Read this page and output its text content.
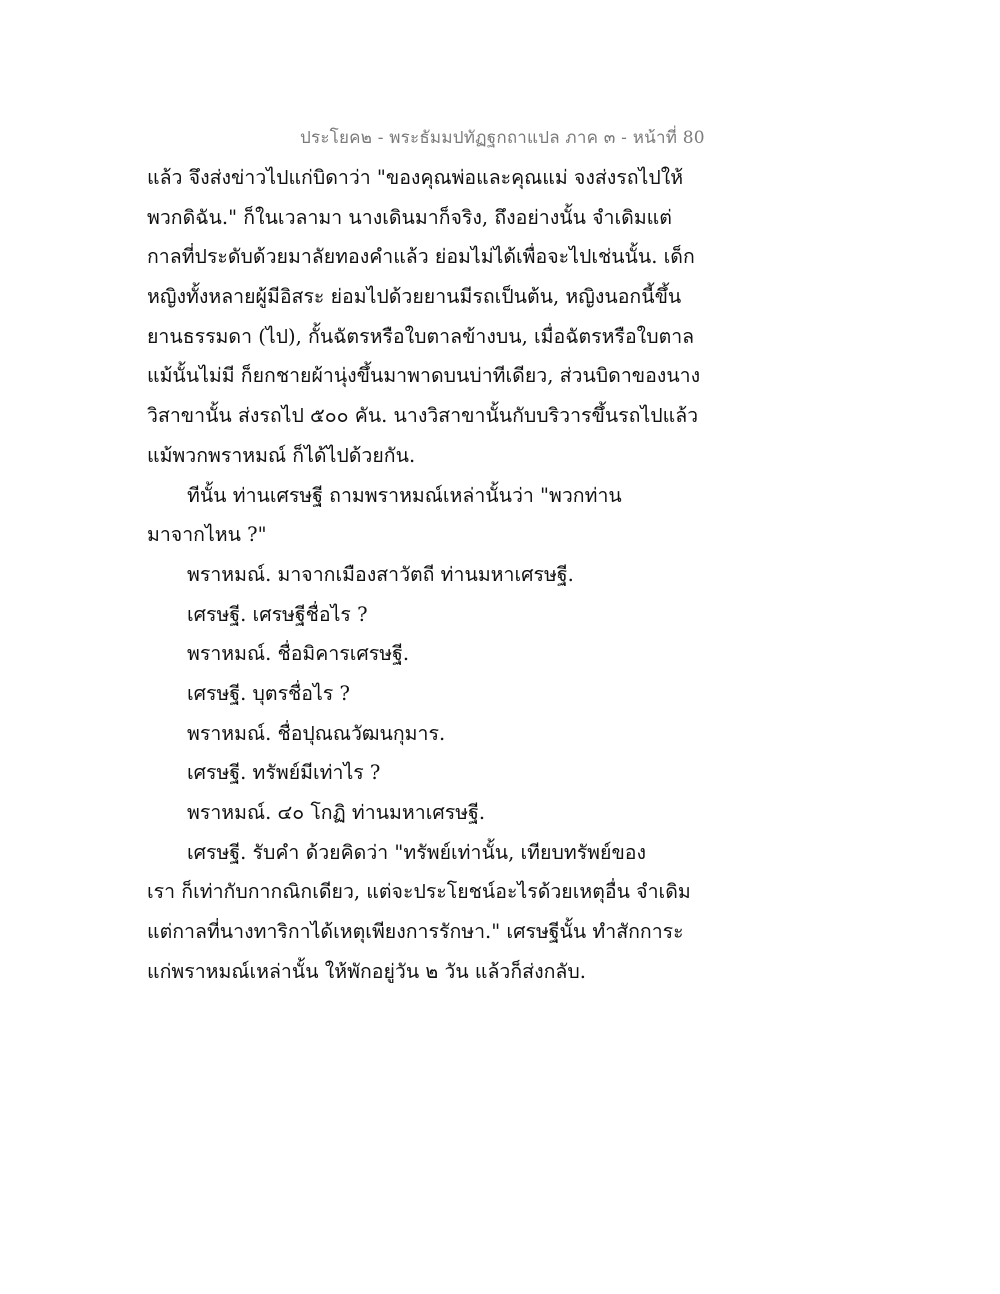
ประโยค๒ - พระธัมมปทัฏฐกถาแปล ภาค ๓ - หน้าที่ 80
แล้ว จึงส่งข่าวไปแก่บิดาว่า "ของคุณพ่อและคุณแม่ จงส่งรถไปให้
พวกดิฉัน." ก็ในเวลามา นางเดินมาก็จริง, ถึงอย่างนั้น จำเดิมแต่
กาลที่ประดับด้วยมาลัยทองคำแล้ว ย่อมไม่ได้เพื่อจะไปเช่นนั้น. เด็ก
หญิงทั้งหลายผู้มีอิสระ ย่อมไปด้วยยานมีรถเป็นต้น, หญิงนอกนี้ขึ้น
ยานธรรมดา (ไป), กั้นฉัตรหรือใบตาลข้างบน, เมื่อฉัตรหรือใบตาล
แม้นั้นไม่มี ก็ยกชายผ้านุ่งขึ้นมาพาดบนบ่าทีเดียว, ส่วนบิดาของนาง
วิสาขานั้น ส่งรถไป ๕๐๐ คัน. นางวิสาขานั้นกับบริวารขึ้นรถไปแล้ว
แม้พวกพราหมณ์ ก็ได้ไปด้วยกัน.
ทีนั้น ท่านเศรษฐี ถามพราหมณ์เหล่านั้นว่า "พวกท่าน
มาจากไหน ?"
พราหมณ์. มาจากเมืองสาวัตถี ท่านมหาเศรษฐี.
เศรษฐี. เศรษฐีชื่อไร ?
พราหมณ์. ชื่อมิคารเศรษฐี.
เศรษฐี. บุตรชื่อไร ?
พราหมณ์. ชื่อปุณณวัฒนกุมาร.
เศรษฐี. ทรัพย์มีเท่าไร ?
พราหมณ์. ๔๐ โกฏิ ท่านมหาเศรษฐี.
เศรษฐี. รับคำ ด้วยคิดว่า "ทรัพย์เท่านั้น, เทียบทรัพย์ของ
เรา ก็เท่ากับกากณิกเดียว, แต่จะประโยชน์อะไรด้วยเหตุอื่น จำเดิม
แต่กาลที่นางทาริกาได้เหตุเพียงการรักษา." เศรษฐีนั้น ทำสักการะ
แก่พราหมณ์เหล่านั้น ให้พักอยู่วัน ๒ วัน แล้วก็ส่งกลับ.
